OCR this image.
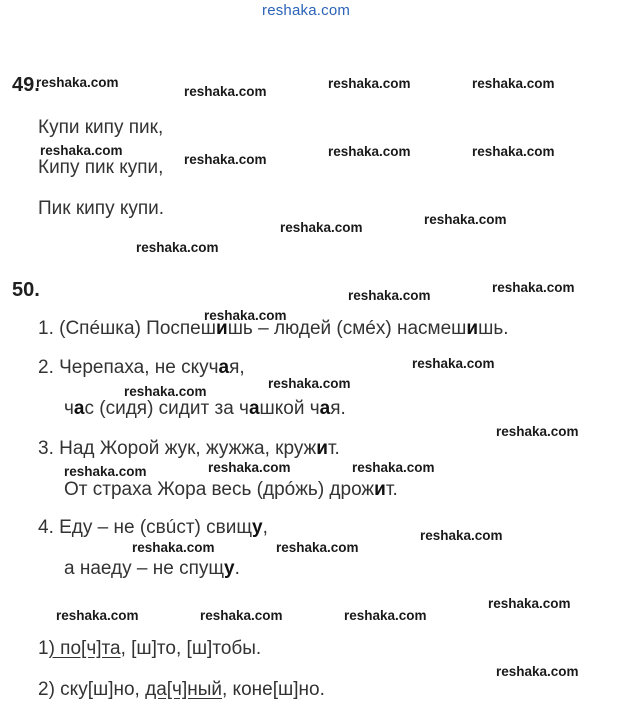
reshaka.com
49.
Купи кипу пик,
Кипу пик купи,
Пик кипу купи.
50.
1. (Спéшка) Поспешишь – людей (смéх) насмешишь.
2. Черепаха, не скучая,
час (сидя) сидит за чашкой чая.
3. Над Жорой жук, жужжа, кружит.
От страха Жора весь (дрóжь) дрожит.
4. Еду – не (свúст) свищу,
а наеду – не спущу.
1) по[ч]та, [ш]то, [ш]тобы.
2) ску[ш]но, да[ч]ный, коне[ш]но.
reshaka.com
reshaka.com
reshaka.com	reshaka.com
reshaka.com
reshaka.com
reshaka.com	reshaka.com
reshaka.com
reshaka.com
reshaka.com
reshaka.com
reshaka.com
reshaka.com
reshaka.com
reshaka.com
reshaka.com
reshaka.com
reshaka.com
reshaka.com
reshaka.com
reshaka.com
reshaka.com
reshaka.com
reshaka.com
reshaka.com
reshaka.com
reshaka.com
reshaka.com
